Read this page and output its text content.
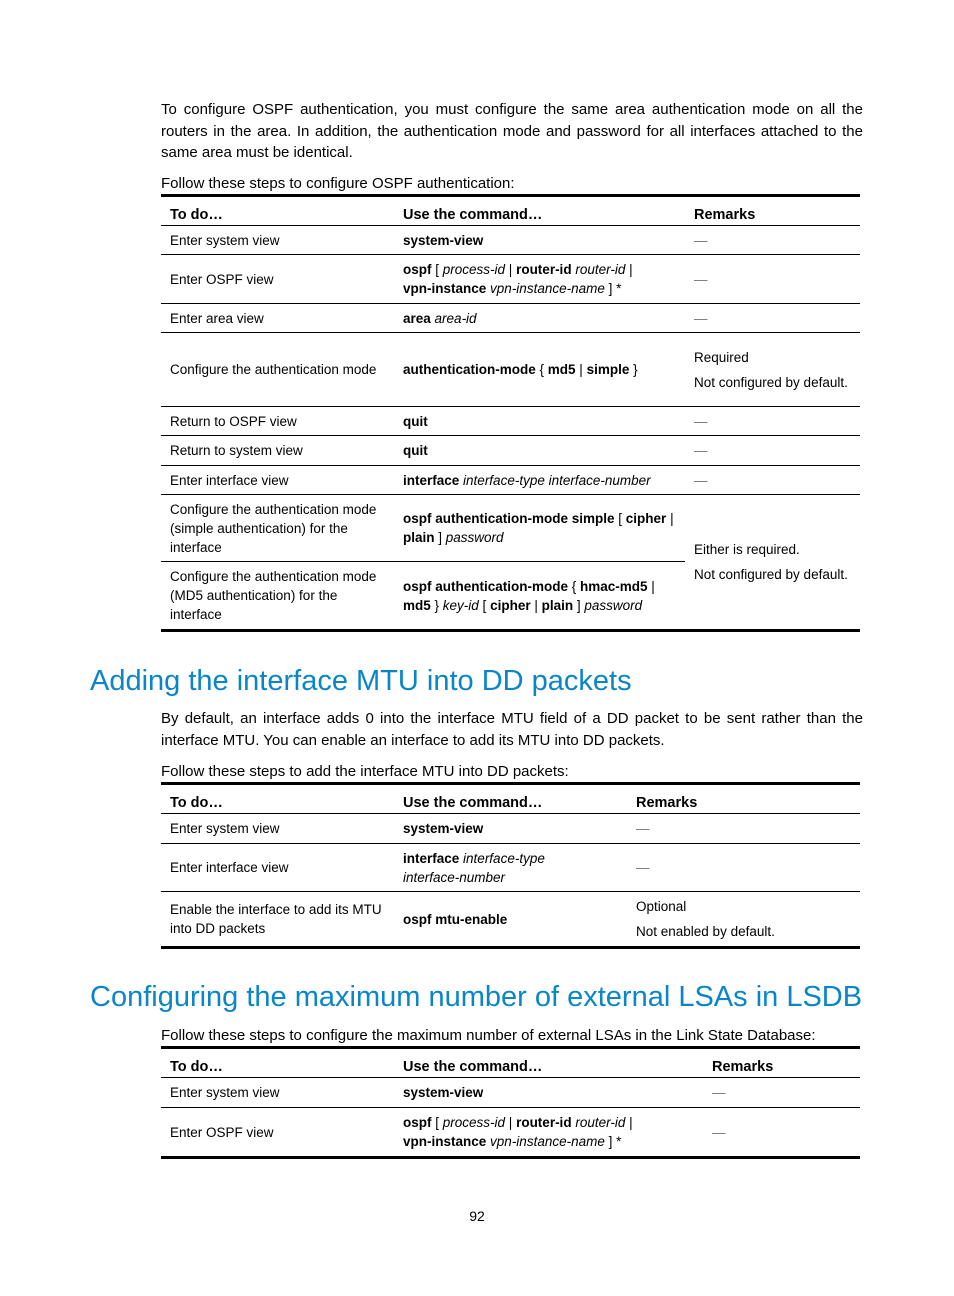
To configure OSPF authentication, you must configure the same area authentication mode on all the routers in the area. In addition, the authentication mode and password for all interfaces attached to the same area must be identical.

Follow these steps to configure OSPF authentication:

To do…	Use the command…	Remarks
Enter system view	system-view	—
Enter OSPF view	ospf [ process-id | router-id router-id |
vpn-instance vpn-instance-name ] *	—
Enter area view	area area-id	—
Configure the authentication mode	authentication-mode { md5 | simple }	Required
Not configured by default.

Return to OSPF view	quit	—
Return to system view	quit	—
Enter interface view	interface interface-type interface-number	—
Configure the authentication mode (simple authentication) for the interface	ospf authentication-mode simple [ cipher |
plain ] password	Either is required.
Not configured by default.

Configure the authentication mode (MD5 authentication) for the interface	ospf authentication-mode { hmac-md5 |
md5 } key-id [ cipher | plain ] password	
Adding the interface MTU into DD packets

By default, an interface adds 0 into the interface MTU field of a DD packet to be sent rather than the interface MTU. You can enable an interface to add its MTU into DD packets.

Follow these steps to add the interface MTU into DD packets:

To do…	Use the command…	Remarks
Enter system view	system-view	—
Enter interface view	interface interface-type
interface-number	—
Enable the interface to add its MTU into DD packets	ospf mtu-enable	Optional
Not enabled by default.
Configuring the maximum number of external LSAs in LSDB

Follow these steps to configure the maximum number of external LSAs in the Link State Database:

To do…	Use the command…	Remarks
Enter system view	system-view	—
Enter OSPF view	ospf [ process-id | router-id router-id |
vpn-instance vpn-instance-name ] *	—
92
